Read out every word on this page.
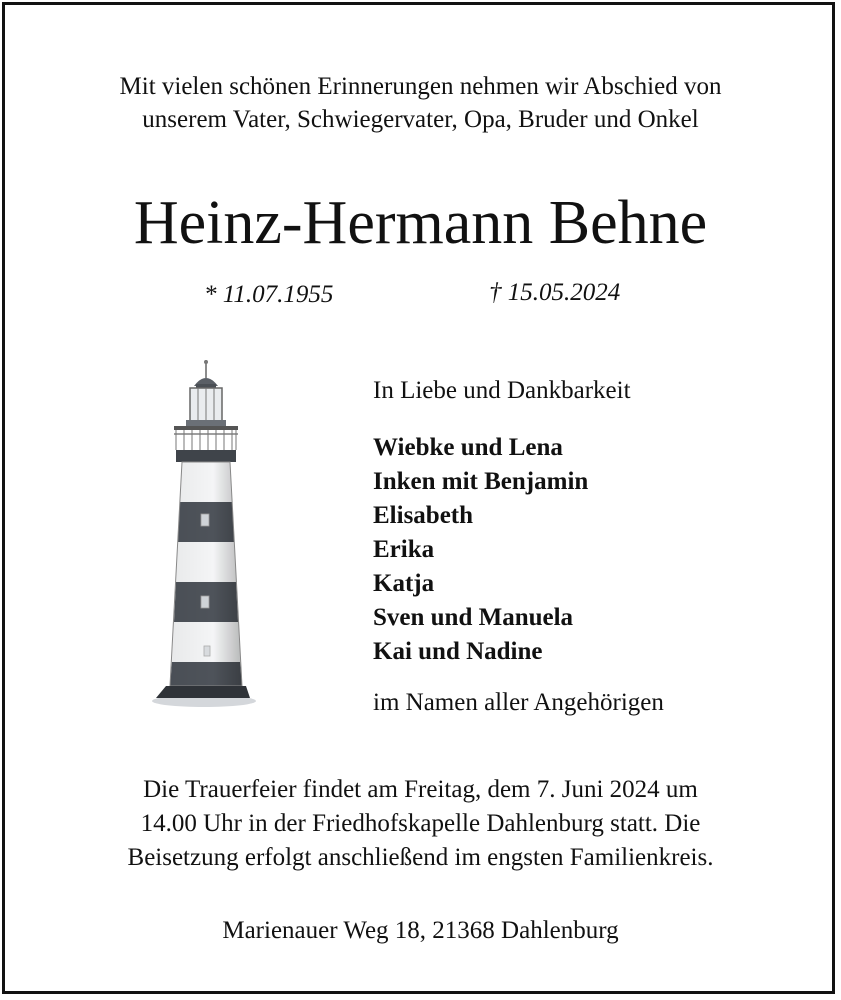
Mit vielen schönen Erinnerungen nehmen wir Abschied von
unserem Vater, Schwiegervater, Opa, Bruder und Onkel
Heinz-Hermann Behne
* 11.07.1955	† 15.05.2024
In Liebe und Dankbarkeit
Wiebke und Lena
Inken mit Benjamin
Elisabeth
Erika
Katja
Sven und Manuela
Kai und Nadine
im Namen aller Angehörigen
Die Trauerfeier findet am Freitag, dem 7. Juni 2024 um
14.00 Uhr in der Friedhofskapelle Dahlenburg statt. Die
Beisetzung erfolgt anschließend im engsten Familienkreis.
Marienauer Weg 18, 21368 Dahlenburg
